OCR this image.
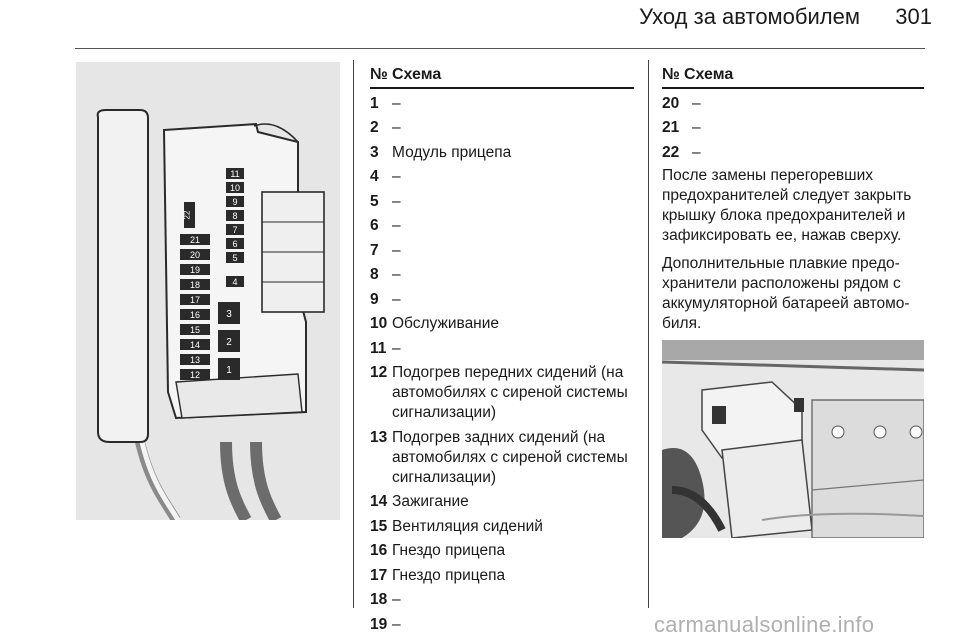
Уход за автомобилем	301
11
10
9
8
7
6
5
22
21
20
19
18
17
16
15
14
13
12
4
3
2
1
№ Схема
1 –
2 –
3 Модуль прицепа
4 –
5 –
6 –
7 –
8 –
9 –
10 Обслуживание
11 –
12 Подогрев передних сидений (на автомобилях с сиреной системы сигнализации)
13 Подогрев задних сидений (на автомобилях с сиреной системы сигнализации)
14 Зажигание
15 Вентиляция сидений
16 Гнездо прицепа
17 Гнездо прицепа
18 –
19 –
№ Схема
20 –
21 –
22 –
После замены перегоревших предохранителей следует закрыть крышку блока предохранителей и зафиксировать ее, нажав сверху.
Дополнительные плавкие предо- хранители расположены рядом с аккумуляторной батареей автомо- биля.
carmanualsonline.info
